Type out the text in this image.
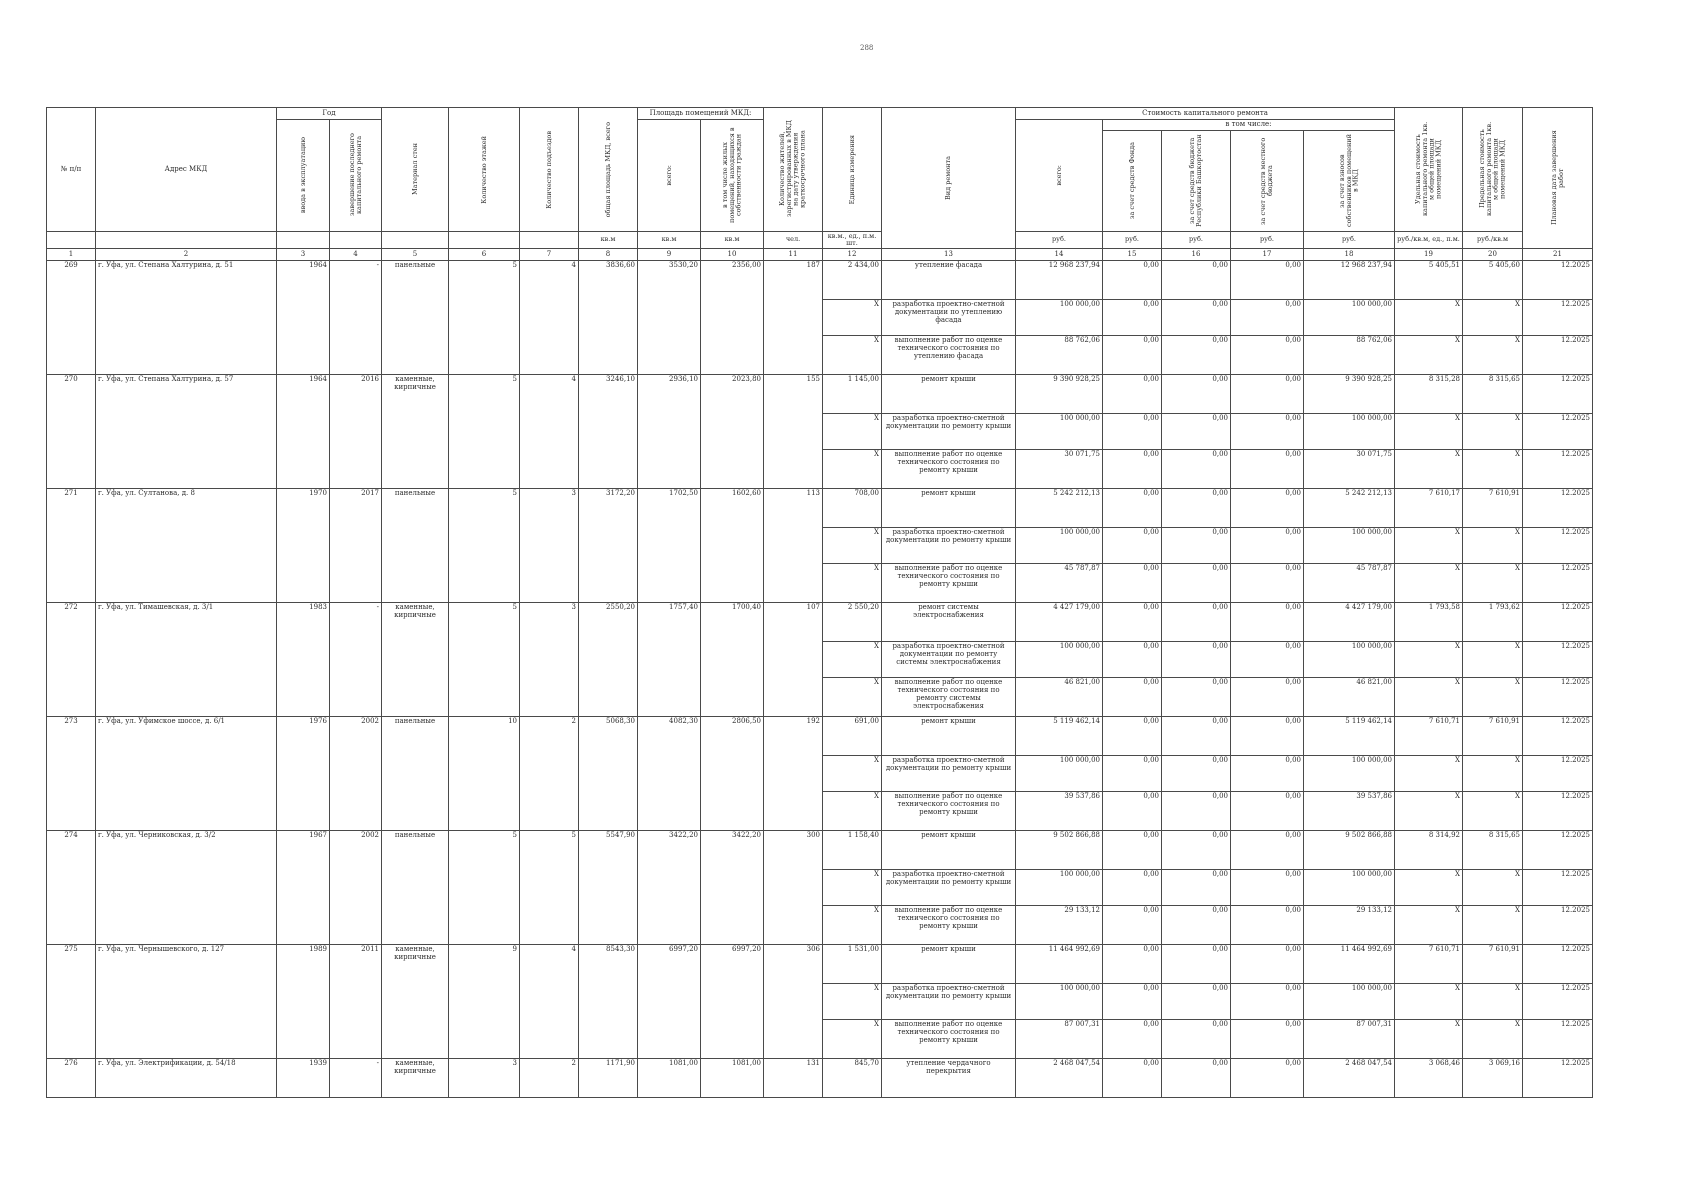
288
№ п/п	Адрес МКД	Год		Материал стен	Количество этажей	Количество подъездов	общая площадь МКД, всего	Площадь помещений МКД:		Количество жителей, зарегистрированных в МКД на дату утверждения краткосрочного плана	Единица измерения	Вид ремонта	Стоимость капитального ремонта					Удельная стоимость капитального ремонта 1кв. м общей площади помещений МКД	Предельная стоимость капитального ремонта 1кв. м общей площади помещений МКД	Плановая дата завершения работ

		ввода в эксплуатацию	завершение последнего капитального ремонта					всего:	в том числе жилых помещений, находящихся в собственности граждан				всего:	в том числе:						

														за счет средств Фонда	за счет средств бюджета Республики Башкортостан	за счет средств местного бюджета	за счет взносов собственников помещений в МКД			

							кв.м	кв.м	кв.м	чел.	кв.м., ед., п.м. шт.		руб.	руб.	руб.	руб.	руб.	руб./кв.м, ед., п.м.	руб./кв.м	
1	2	3	4	5	6	7	8	9	10	11	12	13	14	15	16	17	18	19	20	21
269	г. Уфа, ул. Степана Халтурина, д. 51	1964	-	панельные	5	4	3836,60	3530,20	2356,00	187	2 434,00	утепление фасада	12 968 237,94	0,00	0,00	0,00	12 968 237,94	5 405,51	5 405,60	12.2025
											X	разработка проектно-сметной документации по утеплению фасада	100 000,00	0,00	0,00	0,00	100 000,00	X	X	12.2025
											X	выполнение работ по оценке технического состояния по утеплению фасада	88 762,06	0,00	0,00	0,00	88 762,06	X	X	12.2025
270	г. Уфа, ул. Степана Халтурина, д. 57	1964	2016	каменные, кирпичные	5	4	3246,10	2936,10	2023,80	155	1 145,00	ремонт крыши	9 390 928,25	0,00	0,00	0,00	9 390 928,25	8 315,28	8 315,65	12.2025
											X	разработка проектно-сметной документации по ремонту крыши	100 000,00	0,00	0,00	0,00	100 000,00	X	X	12.2025
											X	выполнение работ по оценке технического состояния по ремонту крыши	30 071,75	0,00	0,00	0,00	30 071,75	X	X	12.2025
271	г. Уфа, ул. Султанова, д. 8	1970	2017	панельные	5	3	3172,20	1702,50	1602,60	113	708,00	ремонт крыши	5 242 212,13	0,00	0,00	0,00	5 242 212,13	7 610,17	7 610,91	12.2025
											X	разработка проектно-сметной документации по ремонту крыши	100 000,00	0,00	0,00	0,00	100 000,00	X	X	12.2025
											X	выполнение работ по оценке технического состояния по ремонту крыши	45 787,87	0,00	0,00	0,00	45 787,87	X	X	12.2025
272	г. Уфа, ул. Тимашевская, д. 3/1	1983	-	каменные, кирпичные	5	3	2550,20	1757,40	1700,40	107	2 550,20	ремонт системы электроснабжения	4 427 179,00	0,00	0,00	0,00	4 427 179,00	1 793,58	1 793,62	12.2025
											X	разработка проектно-сметной документации по ремонту системы электроснабжения	100 000,00	0,00	0,00	0,00	100 000,00	X	X	12.2025
											X	выполнение работ по оценке технического состояния по ремонту системы электроснабжения	46 821,00	0,00	0,00	0,00	46 821,00	X	X	12.2025
273	г. Уфа, ул. Уфимское шоссе, д. 6/1	1976	2002	панельные	10	2	5068,30	4082,30	2806,50	192	691,00	ремонт крыши	5 119 462,14	0,00	0,00	0,00	5 119 462,14	7 610,71	7 610,91	12.2025
											X	разработка проектно-сметной документации по ремонту крыши	100 000,00	0,00	0,00	0,00	100 000,00	X	X	12.2025
											X	выполнение работ по оценке технического состояния по ремонту крыши	39 537,86	0,00	0,00	0,00	39 537,86	X	X	12.2025
274	г. Уфа, ул. Черниковская, д. 3/2	1967	2002	панельные	5	5	5547,90	3422,20	3422,20	300	1 158,40	ремонт крыши	9 502 866,88	0,00	0,00	0,00	9 502 866,88	8 314,92	8 315,65	12.2025
											X	разработка проектно-сметной документации по ремонту крыши	100 000,00	0,00	0,00	0,00	100 000,00	X	X	12.2025
											X	выполнение работ по оценке технического состояния по ремонту крыши	29 133,12	0,00	0,00	0,00	29 133,12	X	X	12.2025
275	г. Уфа, ул. Чернышевского, д. 127	1989	2011	каменные, кирпичные	9	4	8543,30	6997,20	6997,20	306	1 531,00	ремонт крыши	11 464 992,69	0,00	0,00	0,00	11 464 992,69	7 610,71	7 610,91	12.2025
											X	разработка проектно-сметной документации по ремонту крыши	100 000,00	0,00	0,00	0,00	100 000,00	X	X	12.2025
											X	выполнение работ по оценке технического состояния по ремонту крыши	87 007,31	0,00	0,00	0,00	87 007,31	X	X	12.2025
276	г. Уфа, ул. Электрификации, д. 54/18	1939	-	каменные, кирпичные	3	2	1171,90	1081,00	1081,00	131	845,70	утепление чердачного перекрытия	2 468 047,54	0,00	0,00	0,00	2 468 047,54	3 068,46	3 069,16	12.2025
